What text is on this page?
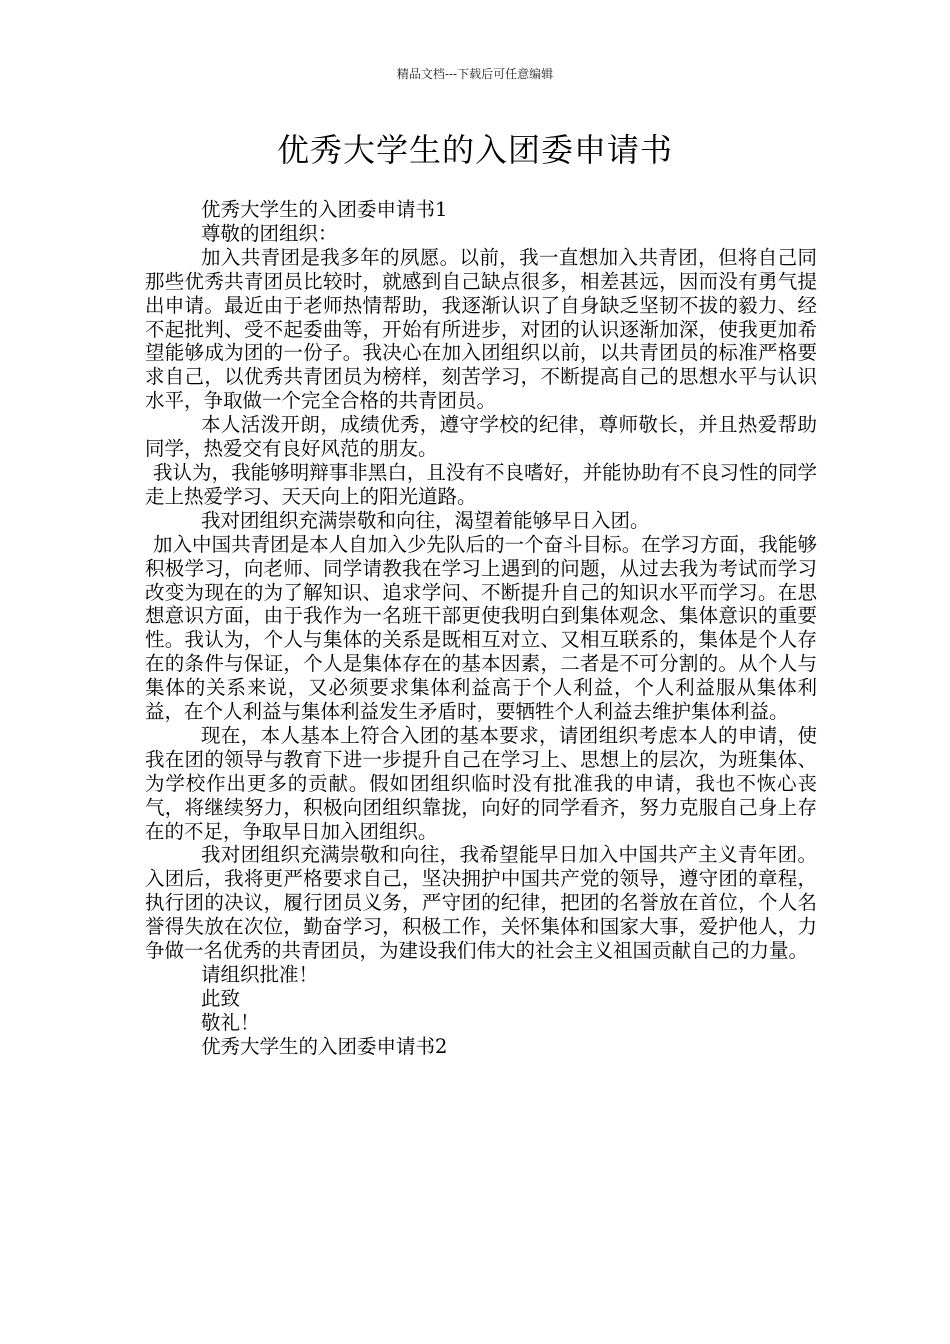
精品文档---下载后可任意编辑
优秀大学生的入团委申请书

优秀大学生的入团委申请书1

尊敬的团组织：

加入共青团是我多年的夙愿。以前，我一直想加入共青团，但将自己同那些优秀共青团员比较时，就感到自己缺点很多，相差甚远，因而没有勇气提出申请。最近由于老师热情帮助，我逐渐认识了自身缺乏坚韧不拔的毅力、经不起批判、受不起委曲等，开始有所进步，对团的认识逐渐加深，使我更加希望能够成为团的一份子。我决心在加入团组织以前，以共青团员的标准严格要求自己，以优秀共青团员为榜样，刻苦学习，不断提高自己的思想水平与认识水平，争取做一个完全合格的共青团员。

本人活泼开朗，成绩优秀，遵守学校的纪律，尊师敬长，并且热爱帮助同学，热爱交有良好风范的朋友。

我认为，我能够明辩事非黑白，且没有不良嗜好，并能协助有不良习性的同学走上热爱学习、天天向上的阳光道路。

我对团组织充满崇敬和向往，渴望着能够早日入团。

加入中国共青团是本人自加入少先队后的一个奋斗目标。在学习方面，我能够积极学习，向老师、同学请教我在学习上遇到的问题，从过去我为考试而学习改变为现在的为了解知识、追求学问、不断提升自己的知识水平而学习。在思想意识方面，由于我作为一名班干部更使我明白到集体观念、集体意识的重要性。我认为，个人与集体的关系是既相互对立、又相互联系的，集体是个人存在的条件与保证，个人是集体存在的基本因素，二者是不可分割的。从个人与集体的关系来说，又必须要求集体利益高于个人利益，个人利益服从集体利益，在个人利益与集体利益发生矛盾时，要牺牲个人利益去维护集体利益。

现在，本人基本上符合入团的基本要求，请团组织考虑本人的申请，使我在团的领导与教育下进一步提升自己在学习上、思想上的层次，为班集体、为学校作出更多的贡献。假如团组织临时没有批准我的申请，我也不恢心丧气，将继续努力，积极向团组织靠拢，向好的同学看齐，努力克服自己身上存在的不足，争取早日加入团组织。

我对团组织充满崇敬和向往，我希望能早日加入中国共产主义青年团。入团后，我将更严格要求自己，坚决拥护中国共产党的领导，遵守团的章程，执行团的决议，履行团员义务，严守团的纪律，把团的名誉放在首位，个人名誉得失放在次位，勤奋学习，积极工作，关怀集体和国家大事，爱护他人，力争做一名优秀的共青团员，为建设我们伟大的社会主义祖国贡献自己的力量。

请组织批准！

此致

敬礼！

优秀大学生的入团委申请书2
